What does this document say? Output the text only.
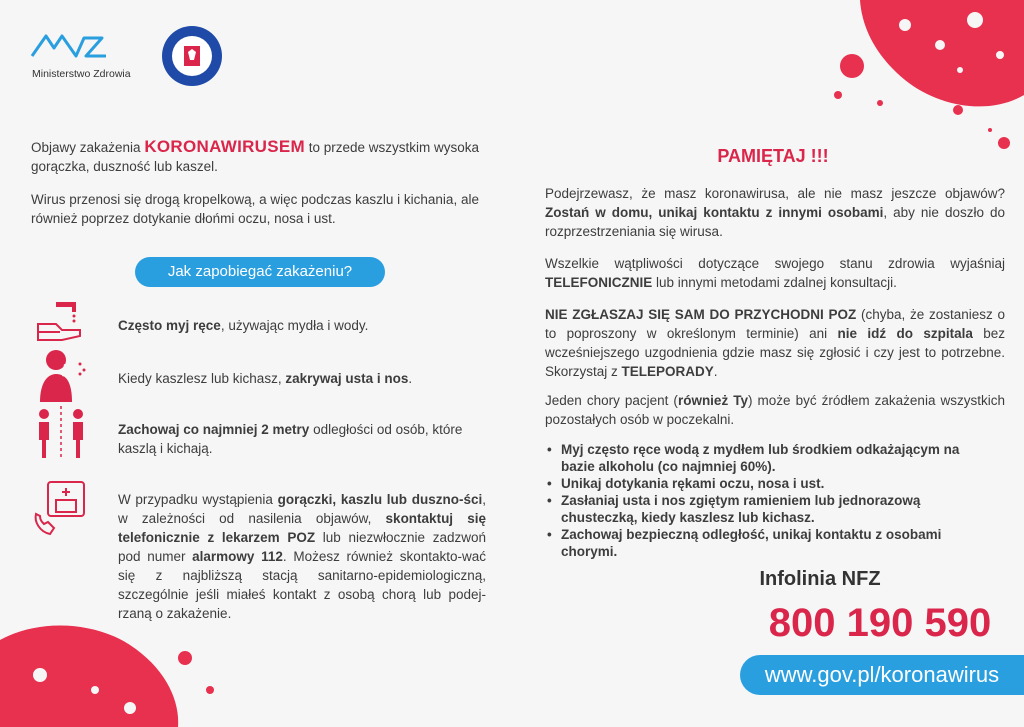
Ministerstwo Zdrowia
Objawy zakażenia KORONAWIRUSEM to przede wszystkim wysoka gorączka, duszność lub kaszel.
Wirus przenosi się drogą kropelkową, a więc podczas kaszlu i kichania, ale również poprzez dotykanie dłońmi oczu, nosa i ust.
Jak zapobiegać zakażeniu?
Często myj ręce, używając mydła i wody.
Kiedy kaszlesz lub kichasz, zakrywaj usta i nos.
Zachowaj co najmniej 2 metry odległości od osób, które kaszlą i kichają.
W przypadku wystąpienia gorączki, kaszlu lub duszno-ści, w zależności od nasilenia objawów, skontaktuj się telefonicznie z lekarzem POZ lub niezwłocznie zadzwoń pod numer alarmowy 112. Możesz również skontakto-wać się z najbliższą stacją sanitarno-epidemiologiczną, szczególnie jeśli miałeś kontakt z osobą chorą lub podej-rzaną o zakażenie.
PAMIĘTAJ !!!
Podejrzewasz, że masz koronawirusa, ale nie masz jeszcze objawów? Zostań w domu, unikaj kontaktu z innymi osobami, aby nie doszło do rozprzestrzeniania się wirusa.
Wszelkie wątpliwości dotyczące swojego stanu zdrowia wyjaśniaj TELEFONICZNIE lub innymi metodami zdalnej konsultacji.
NIE ZGŁASZAJ SIĘ SAM DO PRZYCHODNI POZ (chyba, że zostaniesz o to poproszony w określonym terminie) ani nie idź do szpitala bez wcześniejszego uzgodnienia gdzie masz się zgłosić i czy jest to potrzebne. Skorzystaj z TELEPORADY.
Jeden chory pacjent (również Ty) może być źródłem zakażenia wszystkich pozostałych osób w poczekalni.
• Myj często ręce wodą z mydłem lub środkiem odkażającym na bazie alkoholu (co najmniej 60%).
• Unikaj dotykania rękami oczu, nosa i ust.
• Zasłaniaj usta i nos zgiętym ramieniem lub jednorazową chusteczką, kiedy kaszlesz lub kichasz.
• Zachowaj bezpieczną odległość, unikaj kontaktu z osobami chorymi.
Infolinia NFZ
800 190 590
www.gov.pl/koronawirus
